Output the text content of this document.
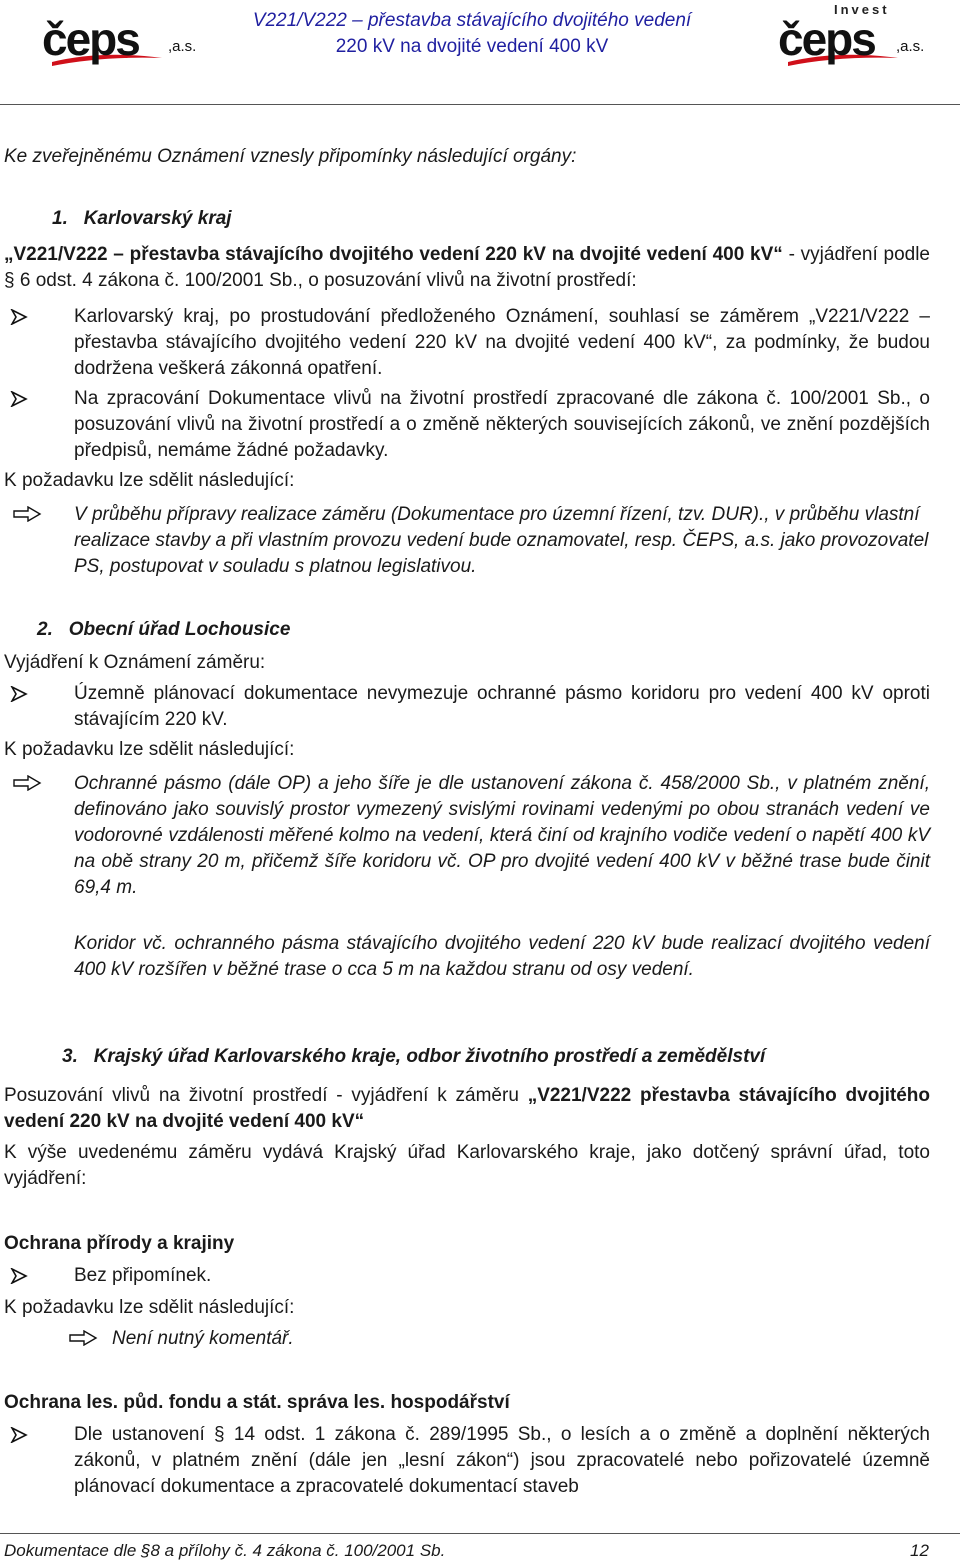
čeps ,a.s.
V221/V222 – přestavba stávajícího dvojitého vedení
220 kV na dvojité vedení 400 kV
Invest
čeps ,a.s.
Ke zveřejněnému Oznámení vznesly připomínky následující orgány:
1. Karlovarský kraj
„V221/V222 – přestavba stávajícího dvojitého vedení 220 kV na dvojité vedení 400 kV“ - vyjádření podle § 6 odst. 4 zákona č. 100/2001 Sb., o posuzování vlivů na životní prostředí:
Karlovarský kraj, po prostudování předloženého Oznámení, souhlasí se záměrem „V221/V222 – přestavba stávajícího dvojitého vedení 220 kV na dvojité vedení 400 kV“, za podmínky, že budou dodržena veškerá zákonná opatření.
Na zpracování Dokumentace vlivů na životní prostředí zpracované dle zákona č. 100/2001 Sb., o posuzování vlivů na životní prostředí a o změně některých souvisejících zákonů, ve znění pozdějších předpisů, nemáme žádné požadavky.
K požadavku lze sdělit následující:
V průběhu přípravy realizace záměru (Dokumentace pro územní řízení, tzv. DUR)., v průběhu vlastní realizace stavby a při vlastním provozu vedení bude oznamovatel, resp. ČEPS, a.s. jako provozovatel PS, postupovat v souladu s platnou legislativou.
2. Obecní úřad Lochousice
Vyjádření k Oznámení záměru:
Územně plánovací dokumentace nevymezuje ochranné pásmo koridoru pro vedení 400 kV oproti stávajícím 220 kV.
K požadavku lze sdělit následující:
Ochranné pásmo (dále OP) a jeho šíře je dle ustanovení zákona č. 458/2000 Sb., v platném znění, definováno jako souvislý prostor vymezený svislými rovinami vedenými po obou stranách vedení ve vodorovné vzdálenosti měřené kolmo na vedení, která činí od krajního vodiče vedení o napětí 400 kV na obě strany 20 m, přičemž šíře koridoru vč. OP pro dvojité vedení 400 kV v běžné trase bude činit 69,4 m.
Koridor vč. ochranného pásma stávajícího dvojitého vedení 220 kV bude realizací dvojitého vedení 400 kV rozšířen v běžné trase o cca 5 m na každou stranu od osy vedení.
3. Krajský úřad Karlovarského kraje, odbor životního prostředí a zemědělství
Posuzování vlivů na životní prostředí - vyjádření k záměru „V221/V222 přestavba stávajícího dvojitého vedení 220 kV na dvojité vedení 400 kV“
K výše uvedenému záměru vydává Krajský úřad Karlovarského kraje, jako dotčený správní úřad, toto vyjádření:
Ochrana přírody a krajiny
Bez připomínek.
K požadavku lze sdělit následující:
Není nutný komentář.
Ochrana les. půd. fondu a stát. správa les. hospodářství
Dle ustanovení § 14 odst. 1 zákona č. 289/1995 Sb., o lesích a o změně a doplnění některých zákonů, v platném znění (dále jen „lesní zákon“) jsou zpracovatelé nebo pořizovatelé územně plánovací dokumentace a zpracovatelé dokumentací staveb
Dokumentace dle §8 a přílohy č. 4 zákona č. 100/2001 Sb.	12
